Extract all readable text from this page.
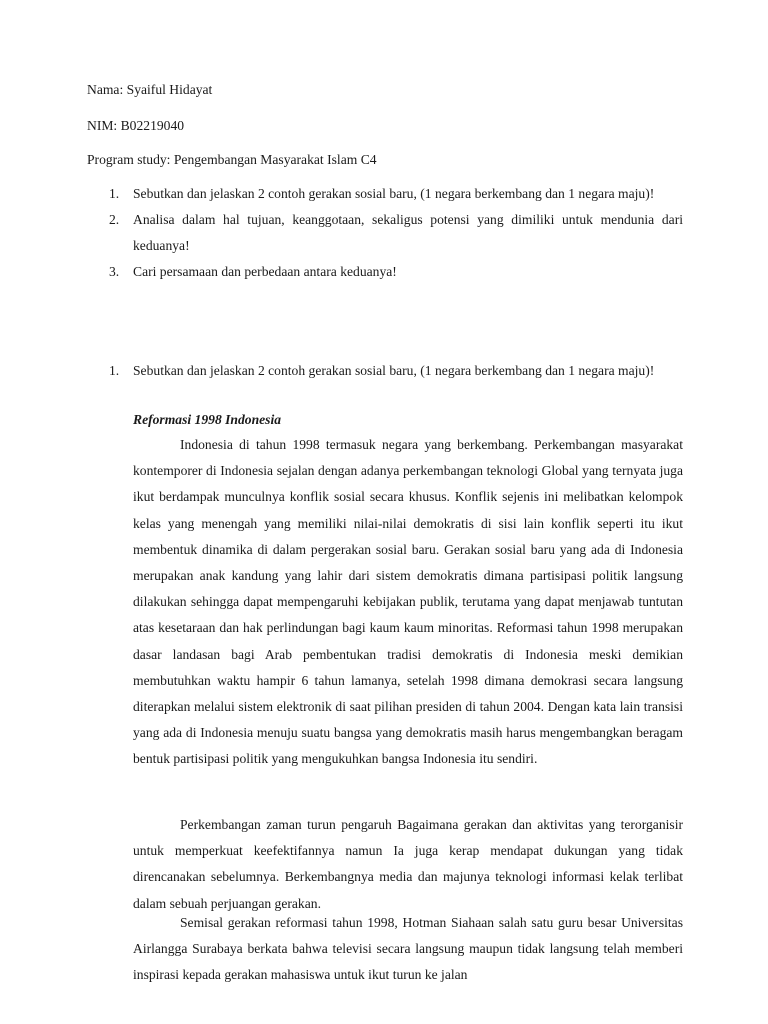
Nama: Syaiful Hidayat
NIM: B02219040
Program study: Pengembangan Masyarakat Islam C4
1. Sebutkan dan jelaskan 2 contoh gerakan sosial baru, (1 negara berkembang dan 1 negara maju)!
2. Analisa dalam hal tujuan, keanggotaan, sekaligus potensi yang dimiliki untuk mendunia dari keduanya!
3. Cari persamaan dan perbedaan antara keduanya!
1. Sebutkan dan jelaskan 2 contoh gerakan sosial baru, (1 negara berkembang dan 1 negara maju)!
Reformasi 1998 Indonesia

Indonesia di tahun 1998 termasuk negara yang berkembang. Perkembangan masyarakat kontemporer di Indonesia sejalan dengan adanya perkembangan teknologi Global yang ternyata juga ikut berdampak munculnya konflik sosial secara khusus. Konflik sejenis ini melibatkan kelompok kelas yang menengah yang memiliki nilai-nilai demokratis di sisi lain konflik seperti itu ikut membentuk dinamika di dalam pergerakan sosial baru. Gerakan sosial baru yang ada di Indonesia merupakan anak kandung yang lahir dari sistem demokratis dimana partisipasi politik langsung dilakukan sehingga dapat mempengaruhi kebijakan publik, terutama yang dapat menjawab tuntutan atas kesetaraan dan hak perlindungan bagi kaum kaum minoritas. Reformasi tahun 1998 merupakan dasar landasan bagi Arab pembentukan tradisi demokratis di Indonesia meski demikian membutuhkan waktu hampir 6 tahun lamanya, setelah 1998 dimana demokrasi secara langsung diterapkan melalui sistem elektronik di saat pilihan presiden di tahun 2004. Dengan kata lain transisi yang ada di Indonesia menuju suatu bangsa yang demokratis masih harus mengembangkan beragam bentuk partisipasi politik yang mengukuhkan bangsa Indonesia itu sendiri.

Perkembangan zaman turun pengaruh Bagaimana gerakan dan aktivitas yang terorganisir untuk memperkuat keefektifannya namun Ia juga kerap mendapat dukungan yang tidak direncanakan sebelumnya. Berkembangnya media dan majunya teknologi informasi kelak terlibat dalam sebuah perjuangan gerakan.

Semisal gerakan reformasi tahun 1998, Hotman Siahaan salah satu guru besar Universitas Airlangga Surabaya berkata bahwa televisi secara langsung maupun tidak langsung telah memberi inspirasi kepada gerakan mahasiswa untuk ikut turun ke jalan
